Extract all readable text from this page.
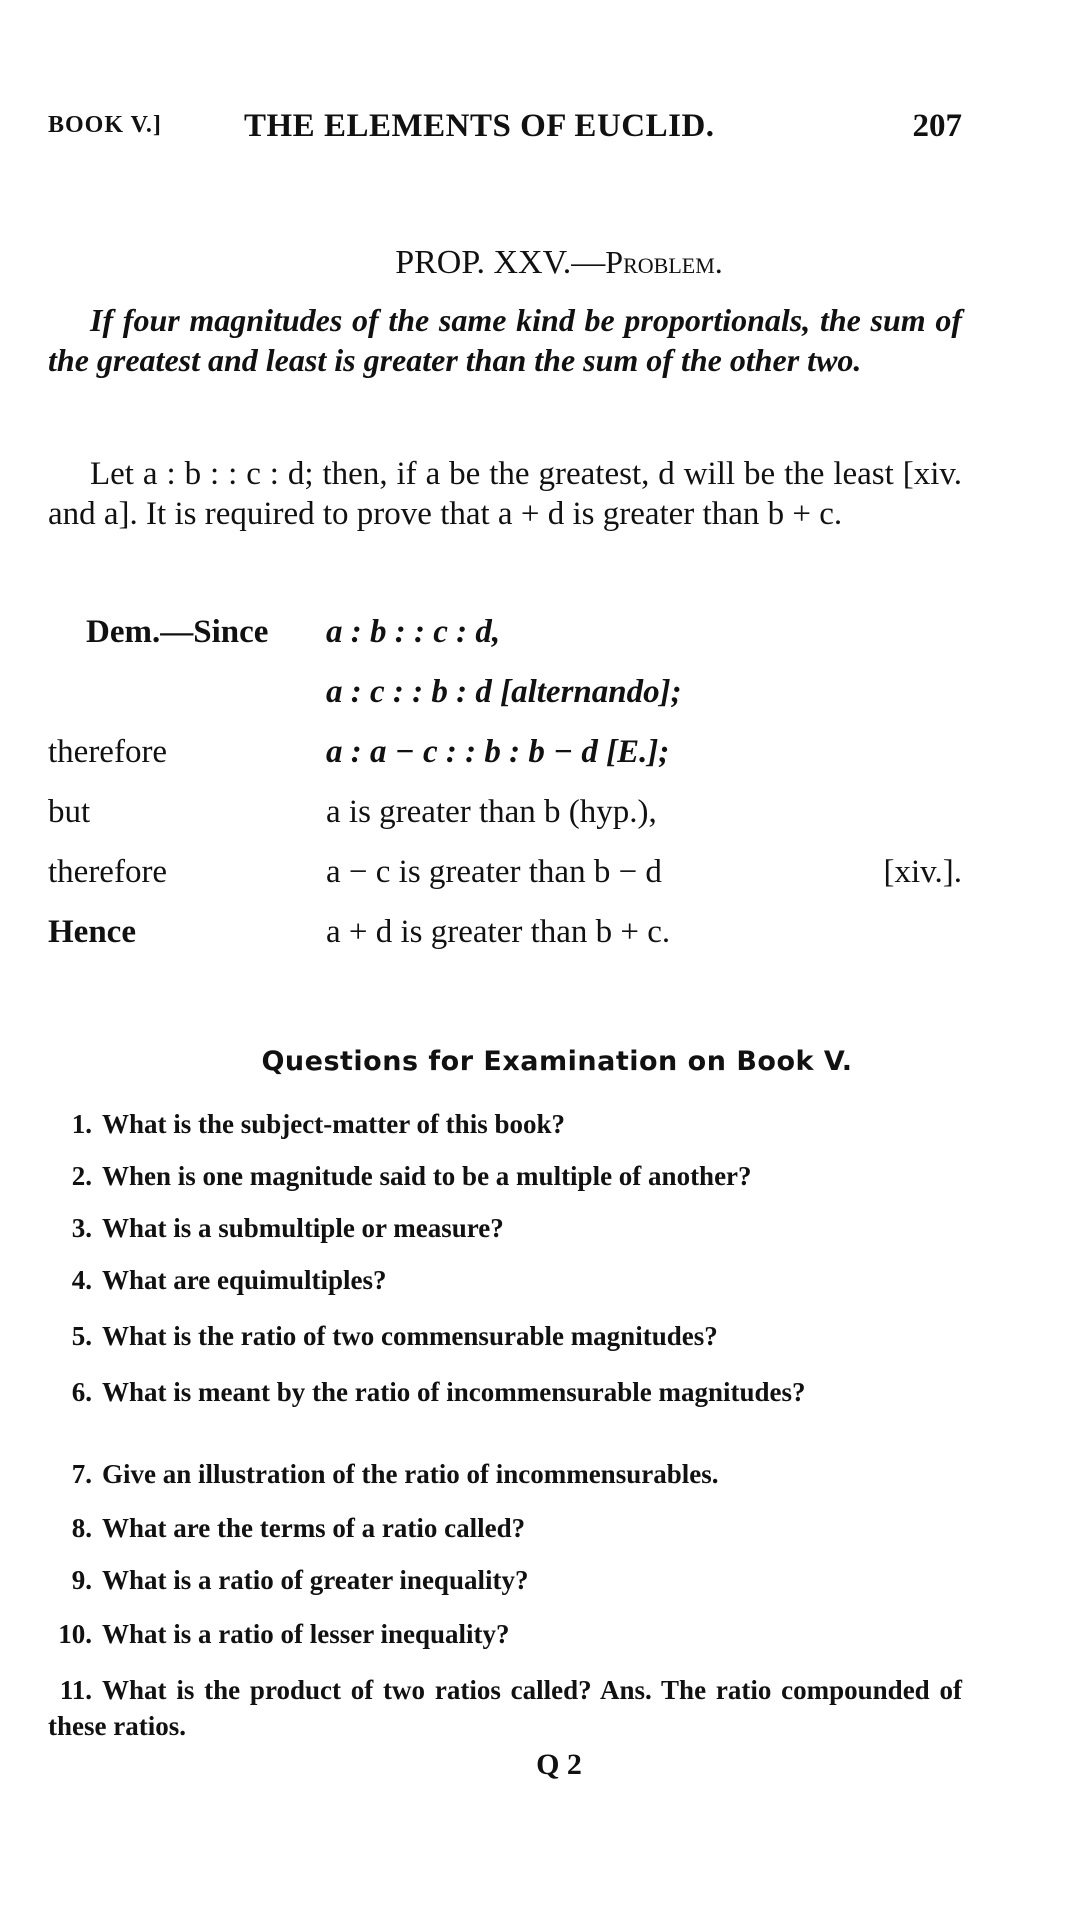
BOOK V.] THE ELEMENTS OF EUCLID.	207
PROP. XXV.—Problem.
If four magnitudes of the same kind be proportionals, the sum of the greatest and least is greater than the sum of the other two.
Let a : b : : c : d; then, if a be the greatest, d will be the least [xiv. and a]. It is required to prove that a + d is greater than b + c.
Dem.—Since a : b : : c : d,
a : c : : b : d [alternando];
therefore	a : a − c : : b : b − d [E.];
but	a is greater than b (hyp.),
therefore	a − c is greater than b − d	[xiv.].
Hence	a + d is greater than b + c.
Questions for Examination on Book V.
1. What is the subject-matter of this book?
2. When is one magnitude said to be a multiple of another?
3. What is a submultiple or measure?
4. What are equimultiples?
5. What is the ratio of two commensurable magnitudes?
6. What is meant by the ratio of incommensurable magnitudes?
7. Give an illustration of the ratio of incommensurables.
8. What are the terms of a ratio called?
9. What is a ratio of greater inequality?
10. What is a ratio of lesser inequality?
11. What is the product of two ratios called? Ans. The ratio compounded of these ratios.
Q 2
